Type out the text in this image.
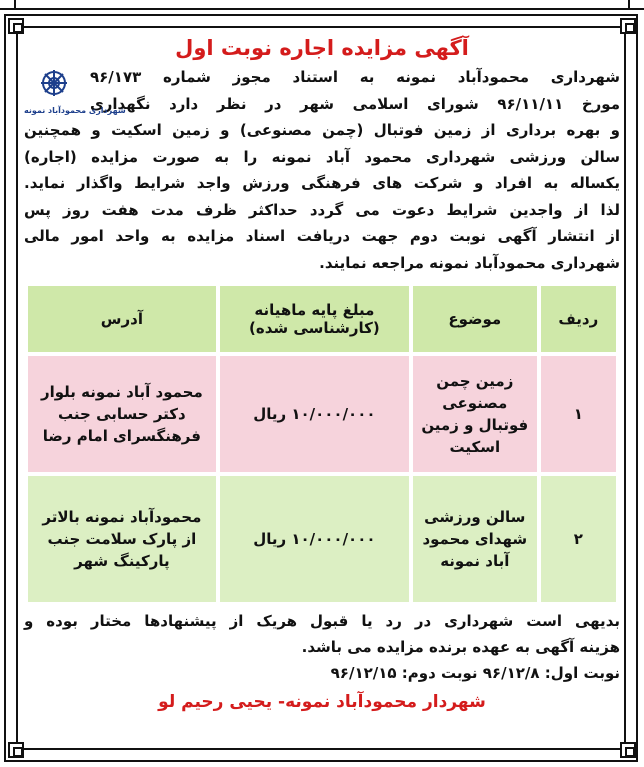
آگهی مزایده اجاره نوبت اول
شهرداری محمودآباد نمونه

شهرداری محمودآباد نمونه به استناد مجوز شماره ۹۶/۱۷۳
مورخ ۹۶/۱۱/۱۱ شورای اسلامی شهر در نظر دارد نگهداری
و بهره برداری از زمین فوتبال (چمن مصنوعی) و زمین اسکیت و همچنین
سالن ورزشی شهرداری محمود آباد نمونه را به صورت مزایده (اجاره)
یکساله به افراد و شرکت های فرهنگی ورزش واجد شرایط واگذار نماید.
لذا از واجدین شرایط دعوت می گردد حداکثر ظرف مدت هفت روز پس
از انتشار آگهی نوبت دوم جهت دریافت اسناد مزایده به واحد امور مالی
شهرداری محمودآباد نمونه مراجعه نمایند.

ردیف	موضوع	مبلغ پایه ماهیانه (کارشناسی شده)	آدرس
۱	زمین چمن مصنوعی فوتبال و زمین اسکیت	۱۰/۰۰۰/۰۰۰ ریال	محمود آباد نمونه بلوار دکتر حسابی جنب فرهنگسرای امام رضا
۲	سالن ورزشی شهدای محمود آباد نمونه	۱۰/۰۰۰/۰۰۰ ریال	محمودآباد نمونه بالاتر از پارک سلامت جنب پارکینگ شهر

بدیهی است شهرداری در رد یا قبول هریک از پیشنهادها مختار بوده و
هزینه آگهی به عهده برنده مزایده می باشد.

نوبت اول: ۹۶/۱۲/۸ نوبت دوم: ۹۶/۱۲/۱۵

شهردار محمودآباد نمونه- یحیی رحیم لو
